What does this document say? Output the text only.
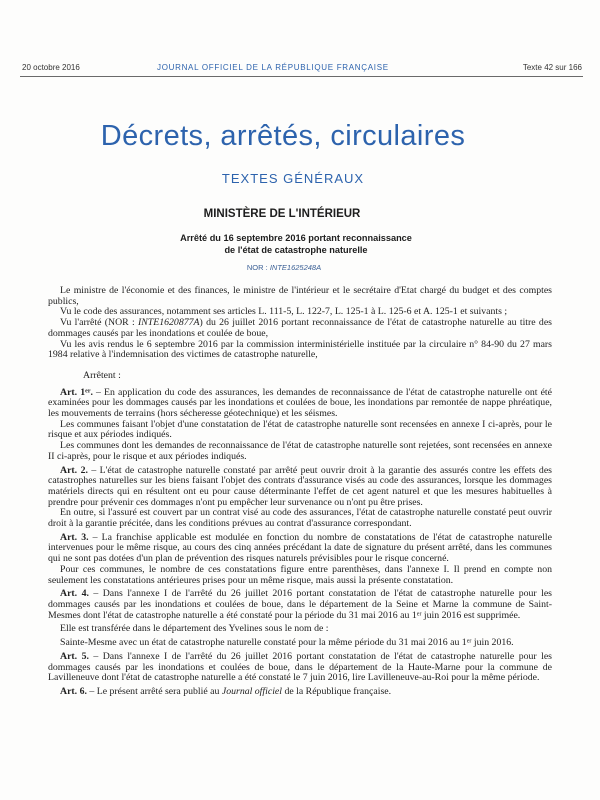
20 octobre 2016	JOURNAL OFFICIEL DE LA RÉPUBLIQUE FRANÇAISE	Texte 42 sur 166
Décrets, arrêtés, circulaires
TEXTES GÉNÉRAUX
MINISTÈRE DE L'INTÉRIEUR
Arrêté du 16 septembre 2016 portant reconnaissance
de l'état de catastrophe naturelle
NOR : INTE1625248A

Le ministre de l'économie et des finances, le ministre de l'intérieur et le secrétaire d'Etat chargé du budget et des comptes publics,

Vu le code des assurances, notamment ses articles L. 111-5, L. 122-7, L. 125-1 à L. 125-6 et A. 125-1 et suivants ;

Vu l'arrêté (NOR : INTE1620877A) du 26 juillet 2016 portant reconnaissance de l'état de catastrophe naturelle au titre des dommages causés par les inondations et coulée de boue,

Vu les avis rendus le 6 septembre 2016 par la commission interministérielle instituée par la circulaire n° 84-90 du 27 mars 1984 relative à l'indemnisation des victimes de catastrophe naturelle,

Arrêtent :

Art. 1er. – En application du code des assurances, les demandes de reconnaissance de l'état de catastrophe naturelle ont été examinées pour les dommages causés par les inondations et coulées de boue, les inondations par remontée de nappe phréatique, les mouvements de terrains (hors sécheresse géotechnique) et les séismes.

Les communes faisant l'objet d'une constatation de l'état de catastrophe naturelle sont recensées en annexe I ci-après, pour le risque et aux périodes indiqués.

Les communes dont les demandes de reconnaissance de l'état de catastrophe naturelle sont rejetées, sont recensées en annexe II ci-après, pour le risque et aux périodes indiqués.

Art. 2. – L'état de catastrophe naturelle constaté par arrêté peut ouvrir droit à la garantie des assurés contre les effets des catastrophes naturelles sur les biens faisant l'objet des contrats d'assurance visés au code des assurances, lorsque les dommages matériels directs qui en résultent ont eu pour cause déterminante l'effet de cet agent naturel et que les mesures habituelles à prendre pour prévenir ces dommages n'ont pu empêcher leur survenance ou n'ont pu être prises.

En outre, si l'assuré est couvert par un contrat visé au code des assurances, l'état de catastrophe naturelle constaté peut ouvrir droit à la garantie précitée, dans les conditions prévues au contrat d'assurance correspondant.

Art. 3. – La franchise applicable est modulée en fonction du nombre de constatations de l'état de catastrophe naturelle intervenues pour le même risque, au cours des cinq années précédant la date de signature du présent arrêté, dans les communes qui ne sont pas dotées d'un plan de prévention des risques naturels prévisibles pour le risque concerné.

Pour ces communes, le nombre de ces constatations figure entre parenthèses, dans l'annexe I. Il prend en compte non seulement les constatations antérieures prises pour un même risque, mais aussi la présente constatation.

Art. 4. – Dans l'annexe I de l'arrêté du 26 juillet 2016 portant constatation de l'état de catastrophe naturelle pour les dommages causés par les inondations et coulées de boue, dans le département de la Seine et Marne la commune de Saint-Mesmes dont l'état de catastrophe naturelle a été constaté pour la période du 31 mai 2016 au 1er juin 2016 est supprimée.

Elle est transférée dans le département des Yvelines sous le nom de :

Sainte-Mesme avec un état de catastrophe naturelle constaté pour la même période du 31 mai 2016 au 1er juin 2016.

Art. 5. – Dans l'annexe I de l'arrêté du 26 juillet 2016 portant constatation de l'état de catastrophe naturelle pour les dommages causés par les inondations et coulées de boue, dans le département de la Haute-Marne pour la commune de Lavilleneuve dont l'état de catastrophe naturelle a été constaté le 7 juin 2016, lire Lavilleneuve-au-Roi pour la même période.

Art. 6. – Le présent arrêté sera publié au Journal officiel de la République française.
